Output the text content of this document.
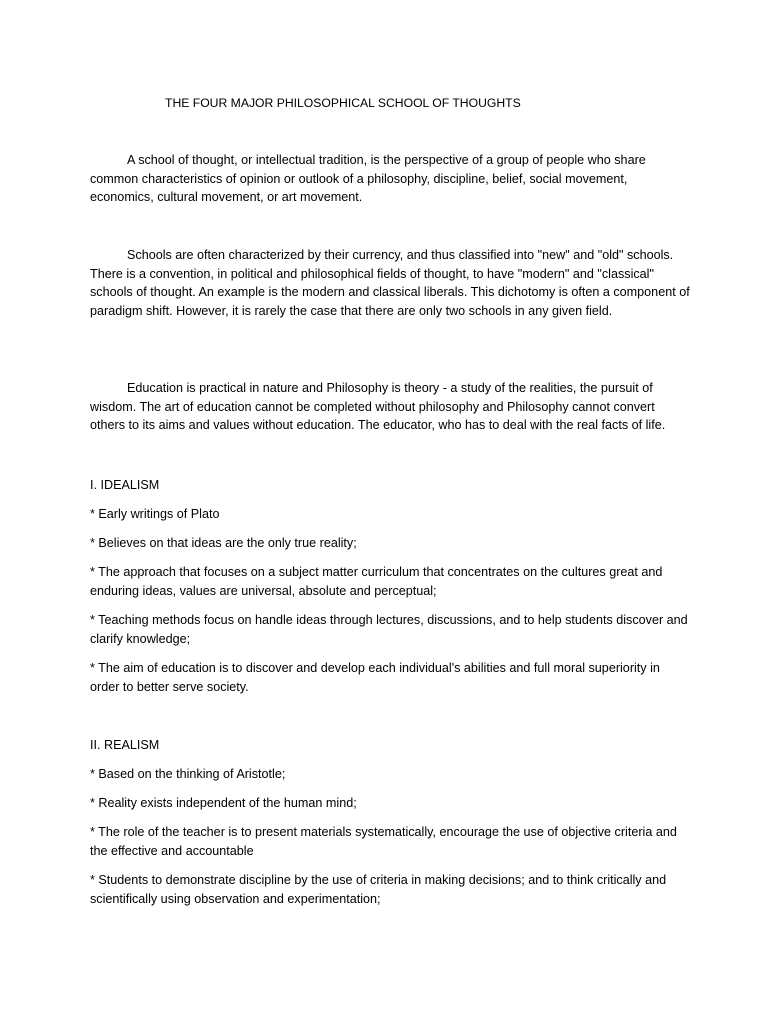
THE FOUR MAJOR PHILOSOPHICAL SCHOOL OF THOUGHTS

A school of thought, or intellectual tradition, is the perspective of a group of people who share common characteristics of opinion or outlook of a philosophy, discipline, belief, social movement, economics, cultural movement, or art movement.

Schools are often characterized by their currency, and thus classified into "new" and "old" schools. There is a convention, in political and philosophical fields of thought, to have "modern" and "classical" schools of thought. An example is the modern and classical liberals. This dichotomy is often a component of paradigm shift. However, it is rarely the case that there are only two schools in any given field.

Education is practical in nature and Philosophy is theory - a study of the realities, the pursuit of wisdom. The art of education cannot be completed without philosophy and Philosophy cannot convert others to its aims and values without education. The educator, who has to deal with the real facts of life.

I. IDEALISM

* Early writings of Plato

* Believes on that ideas are the only true reality;

* The approach that focuses on a subject matter curriculum that concentrates on the cultures great and enduring ideas, values are universal, absolute and perceptual;

* Teaching methods focus on handle ideas through lectures, discussions, and to help students discover and clarify knowledge;

* The aim of education is to discover and develop each individual's abilities and full moral superiority in order to better serve society.

II. REALISM

* Based on the thinking of Aristotle;

* Reality exists independent of the human mind;

* The role of the teacher is to present materials systematically, encourage the use of objective criteria and the effective and accountable

* Students to demonstrate discipline by the use of criteria in making decisions; and to think critically and scientifically using observation and experimentation;
